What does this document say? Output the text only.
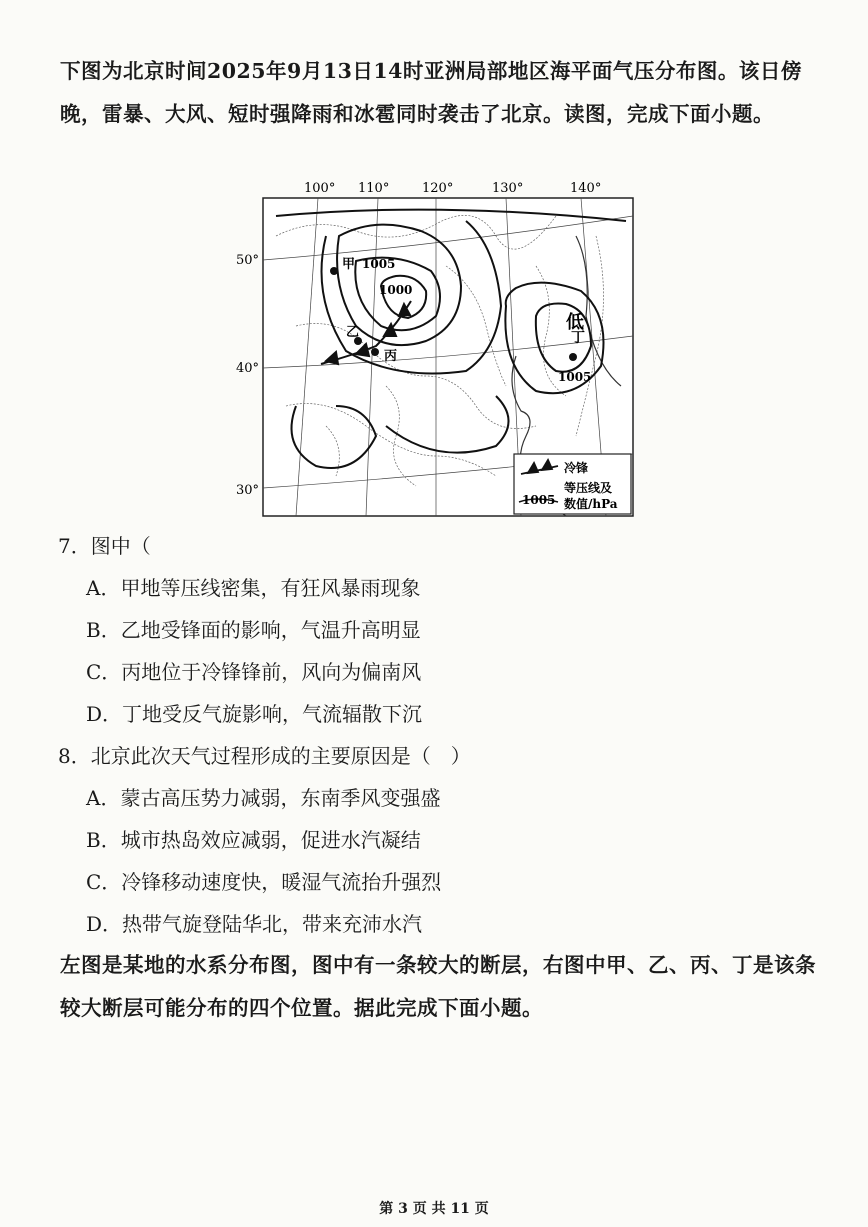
下图为北京时间2025年9月13日14时亚洲局部地区海平面气压分布图。该日傍晚，雷暴、大风、短时强降雨和冰雹同时袭击了北京。读图，完成下面小题。
100° 110°	120°	130°	140°
50°
40°
30°
甲
乙
丙
丁
低
1005
1000
1005
冷锋
1005
等压线及
数值/hPa
7．图中（
A．甲地等压线密集，有狂风暴雨现象
B．乙地受锋面的影响，气温升高明显
C．丙地位于冷锋锋前，风向为偏南风
D．丁地受反气旋影响，气流辐散下沉
8．北京此次天气过程形成的主要原因是（　）
A．蒙古高压势力减弱，东南季风变强盛
B．城市热岛效应减弱，促进水汽凝结
C．冷锋移动速度快，暖湿气流抬升强烈
D．热带气旋登陆华北，带来充沛水汽
左图是某地的水系分布图，图中有一条较大的断层，右图中甲、乙、丙、丁是该条较大断层可能分布的四个位置。据此完成下面小题。
第 3 页 共 11 页
